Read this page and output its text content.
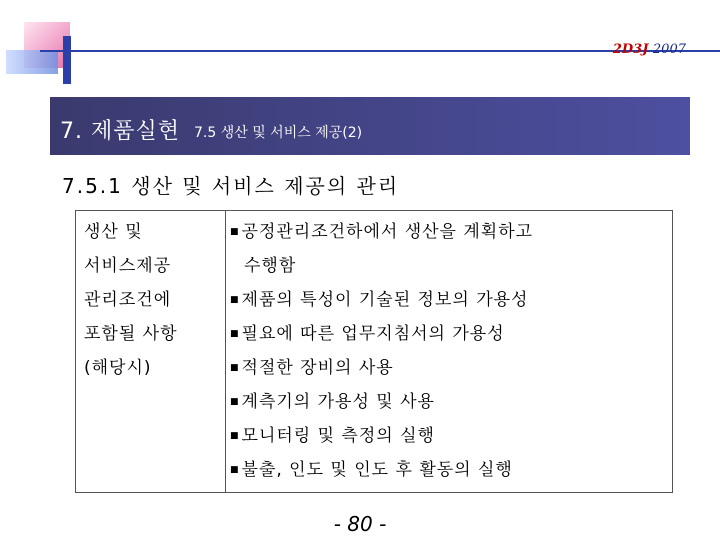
2D3J 2007
7. 제품실현 7.5 생산 및 서비스 제공(2)
7.5.1 생산 및 서비스 제공의 관리
생산 및
서비스제공
관리조건에
포함될 사항
(해당시)
■ 공정관리조건하에서 생산을 계획하고
수행함
■ 제품의 특성이 기술된 정보의 가용성
■ 필요에 따른 업무지침서의 가용성
■ 적절한 장비의 사용
■ 계측기의 가용성 및 사용
■ 모니터링 및 측정의 실행
■ 불출, 인도 및 인도 후 활동의 실행
- 80 -
